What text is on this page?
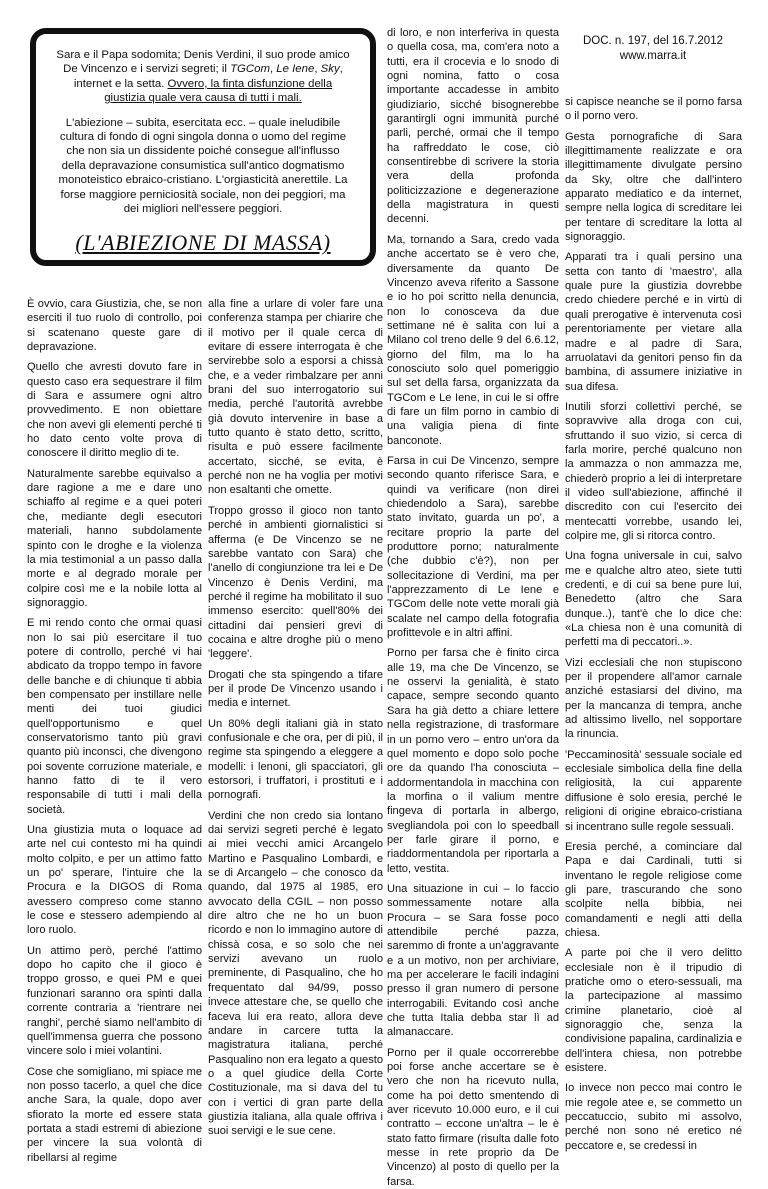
Sara e il Papa sodomita; Denis Verdini, il suo prode amico De Vincenzo e i servizi segreti; il TGCom, Le Iene, Sky, internet e la setta. Ovvero, la finta disfunzione della giustizia quale vera causa di tutti i mali.

L'abiezione – subita, esercitata ecc. – quale ineludibile cultura di fondo di ogni singola donna o uomo del regime che non sia un dissidente poiché consegue all'influsso della depravazione consumistica sull'antico dogmatismo monoteistico ebraico-cristiano. L'orgiasticità anerettile. La forse maggiore perniciosità sociale, non dei peggiori, ma dei migliori nell'essere peggiori.

(L'ABIEZIONE DI MASSA)
DOC. n. 197, del 16.7.2012
www.marra.it

È ovvio, cara Giustizia, che, se non eserciti il tuo ruolo di controllo, poi si scatenano queste gare di depravazione.

Quello che avresti dovuto fare in questo caso era sequestrare il film di Sara e assumere ogni altro provvedimento. E non obiettare che non avevi gli elementi perché ti ho dato cento volte prova di conoscere il diritto meglio di te.

Naturalmente sarebbe equivalso a dare ragione a me e dare uno schiaffo al regime e a quei poteri che, mediante degli esecutori materiali, hanno subdolamente spinto con le droghe e la violenza la mia testimonial a un passo dalla morte e al degrado morale per colpire così me e la nobile lotta al signoraggio.

E mi rendo conto che ormai quasi non lo sai più esercitare il tuo potere di controllo, perché vi hai abdicato da troppo tempo in favore delle banche e di chiunque ti abbia ben compensato per instillare nelle menti dei tuoi giudici quell'opportunismo e quel conservatorismo tanto più gravi quanto più inconsci, che divengono poi sovente corruzione materiale, e hanno fatto di te il vero responsabile di tutti i mali della società.

Una giustizia muta o loquace ad arte nel cui contesto mi ha quindi molto colpito, e per un attimo fatto un po' sperare, l'intuire che la Procura e la DIGOS di Roma avessero compreso come stanno le cose e stessero adempiendo al loro ruolo.

Un attimo però, perché l'attimo dopo ho capito che il gioco è troppo grosso, e quei PM e quei funzionari saranno ora spinti dalla corrente contraria a 'rientrare nei ranghi', perché siamo nell'ambito di quell'immensa guerra che possono vincere solo i miei volantini.

Cose che somigliano, mi spiace me non posso tacerlo, a quel che dice anche Sara, la quale, dopo aver sfiorato la morte ed essere stata portata a stadi estremi di abiezione per vincere la sua volontà di ribellarsi al regime

alla fine a urlare di voler fare una conferenza stampa per chiarire che il motivo per il quale cerca di evitare di essere interrogata è che servirebbe solo a esporsi a chissà che, e a veder rimbalzare per anni brani del suo interrogatorio sui media, perché l'autorità avrebbe già dovuto intervenire in base a tutto quanto è stato detto, scritto, risulta e può essere facilmente accertato, sicché, se evita, è perché non ne ha voglia per motivi non esaltanti che omette.

Troppo grosso il gioco non tanto perché in ambienti giornalistici si afferma (e De Vincenzo se ne sarebbe vantato con Sara) che l'anello di congiunzione tra lei e De Vincenzo è Denis Verdini, ma perché il regime ha mobilitato il suo immenso esercito: quell'80% dei cittadini dai pensieri grevi di cocaina e altre droghe più o meno 'leggere'.

Drogati che sta spingendo a tifare per il prode De Vincenzo usando i media e internet.

Un 80% degli italiani già in stato confusionale e che ora, per di più, il regime sta spingendo a eleggere a modelli: i lenoni, gli spacciatori, gli estorsori, i truffatori, i prostituti e i pornografi.

Verdini che non credo sia lontano dai servizi segreti perché è legato ai miei vecchi amici Arcangelo Martino e Pasqualino Lombardi, e se di Arcangelo – che conosco da quando, dal 1975 al 1985, ero avvocato della CGIL – non posso dire altro che ne ho un buon ricordo e non lo immagino autore di chissà cosa, e so solo che nei servizi avevano un ruolo preminente, di Pasqualino, che ho frequentato dal 94/99, posso invece attestare che, se quello che faceva lui era reato, allora deve andare in carcere tutta la magistratura italiana, perché Pasqualino non era legato a questo o a quel giudice della Corte Costituzionale, ma si dava del tu con i vertici di gran parte della giustizia italiana, alla quale offriva i suoi servigi e le sue cene.

di loro, e non interferiva in questa o quella cosa, ma, com'era noto a tutti, era il crocevia e lo snodo di ogni nomina, fatto o cosa importante accadesse in ambito giudiziario, sicché bisognerebbe garantirgli ogni immunità purché parli, perché, ormai che il tempo ha raffreddato le cose, ciò consentirebbe di scrivere la storia vera della profonda politicizzazione e degenerazione della magistratura in questi decenni.

Ma, tornando a Sara, credo vada anche accertato se è vero che, diversamente da quanto De Vincenzo aveva riferito a Sassone e io ho poi scritto nella denuncia, non lo conosceva da due settimane né è salita con lui a Milano col treno delle 9 del 6.6.12, giorno del film, ma lo ha conosciuto solo quel pomeriggio sul set della farsa, organizzata da TGCom e Le Iene, in cui le si offre di fare un film porno in cambio di una valigia piena di finte banconote.

Farsa in cui De Vincenzo, sempre secondo quanto riferisce Sara, e quindi va verificare (non direi chiedendolo a Sara), sarebbe stato invitato, guarda un po', a recitare proprio la parte del produttore porno; naturalmente (che dubbio c'è?), non per sollecitazione di Verdini, ma per l'apprezzamento di Le Iene e TGCom delle note vette morali già scalate nel campo della fotografia profittevole e in altri affini.

Porno per farsa che è finito circa alle 19, ma che De Vincenzo, se ne osservi la genialità, è stato capace, sempre secondo quanto Sara ha già detto a chiare lettere nella registrazione, di trasformare in un porno vero – entro un'ora da quel momento e dopo solo poche ore da quando l'ha conosciuta – addormentandola in macchina con la morfina o il valium mentre fingeva di portarla in albergo, svegliandola poi con lo speedball per farle girare il porno, e riaddormentandola per riportarla a letto, vestita.

Una situazione in cui – lo faccio sommessamente notare alla Procura – se Sara fosse poco attendibile perché pazza, saremmo di fronte a un'aggravante e a un motivo, non per archiviare, ma per accelerare le facili indagini presso il gran numero di persone interrogabili. Evitando così anche che tutta Italia debba star lì ad almanaccare.

Porno per il quale occorrerebbe poi forse anche accertare se è vero che non ha ricevuto nulla, come ha poi detto smentendo di aver ricevuto 10.000 euro, e il cui contratto – eccone un'altra – le è stato fatto firmare (risulta dalle foto messe in rete proprio da De Vincenzo) al posto di quello per la farsa.

si capisce neanche se il porno farsa o il porno vero.

Gesta pornografiche di Sara illegittimamente realizzate e ora illegittimamente divulgate persino da Sky, oltre che dall'intero apparato mediatico e da internet, sempre nella logica di screditare lei per tentare di screditare la lotta al signoraggio.

Apparati tra i quali persino una setta con tanto di 'maestro', alla quale pure la giustizia dovrebbe credo chiedere perché e in virtù di quali prerogative è intervenuta così perentoriamente per vietare alla madre e al padre di Sara, arruolatavi da genitori penso fin da bambina, di assumere iniziative in sua difesa.

Inutili sforzi collettivi perché, se sopravvive alla droga con cui, sfruttando il suo vizio, si cerca di farla morire, perché qualcuno non la ammazza o non ammazza me, chiederò proprio a lei di interpretare il video sull'abiezione, affinché il discredito con cui l'esercito dei mentecatti vorrebbe, usando lei, colpire me, gli si ritorca contro.

Una fogna universale in cui, salvo me e qualche altro ateo, siete tutti credenti, e di cui sa bene pure lui, Benedetto (altro che Sara dunque..), tant'è che lo dice che: «La chiesa non è una comunità di perfetti ma di peccatori..».

Vizi ecclesiali che non stupiscono per il propendere all'amor carnale anziché estasiarsi del divino, ma per la mancanza di tempra, anche ad altissimo livello, nel sopportare la rinuncia.

'Peccaminosità' sessuale sociale ed ecclesiale simbolica della fine della religiosità, la cui apparente diffusione è solo eresia, perché le religioni di origine ebraico-cristiana si incentrano sulle regole sessuali.

Eresia perché, a cominciare dal Papa e dai Cardinali, tutti si inventano le regole religiose come gli pare, trascurando che sono scolpite nella bibbia, nei comandamenti e negli atti della chiesa.

A parte poi che il vero delitto ecclesiale non è il tripudio di pratiche omo o etero-sessuali, ma la partecipazione al massimo crimine planetario, cioè al signoraggio che, senza la condivisione papalina, cardinalizia e dell'intera chiesa, non potrebbe esistere.

Io invece non pecco mai contro le mie regole atee e, se commetto un peccatuccio, subito mi assolvo, perché non sono né eretico né peccatore e, se credessi in
